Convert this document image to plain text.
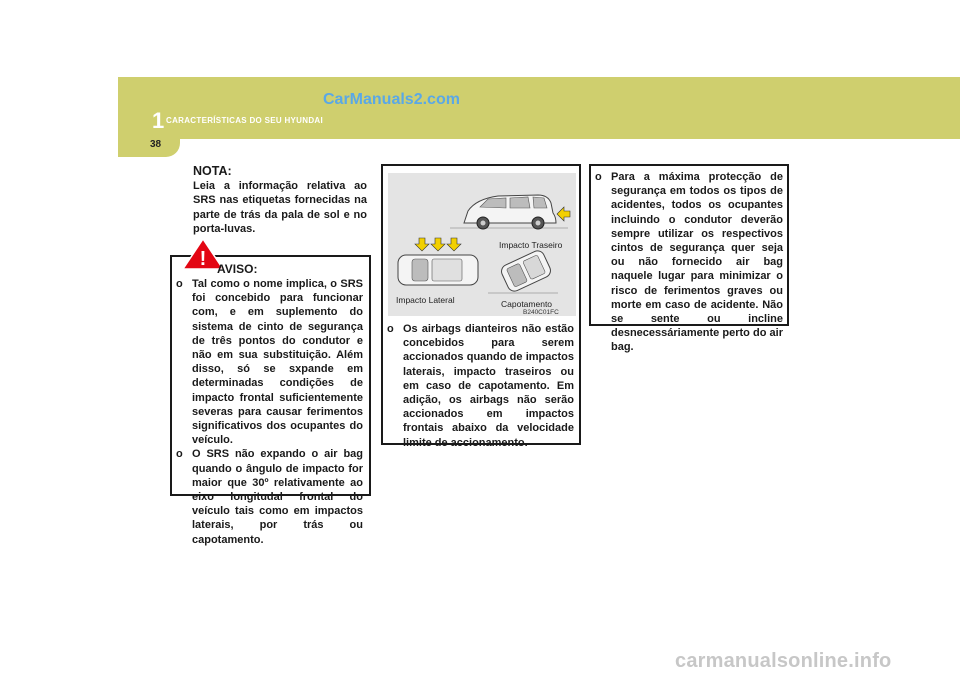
38
1 CARACTERÍSTICAS DO SEU HYUNDAI
CarManuals2.com
NOTA:
Leia a informação relativa ao SRS nas etiquetas fornecidas na parte de trás da pala de sol e no porta-luvas.
! AVISO:
o Tal como o nome implica, o SRS foi concebido para funcionar com, e em suplemento do sistema de cinto de segurança de três pontos do condutor e não em sua substituição. Além disso, só se sxpande em determinadas condições de impacto frontal suficientemente severas para causar ferimentos significativos dos ocupantes do veículo.
o O SRS não expando o air bag quando o ângulo de impacto for maior que 30º relativamente ao eixo longitudal frontal do veículo tais como em impactos laterais, por trás ou capotamento.
Impacto Traseiro
Impacto Lateral	Capotamento
B240C01FC
o Os airbags dianteiros não estão concebidos para serem accionados quando de impactos laterais, impacto traseiros ou em caso de capotamento. Em adição, os airbags não serão accionados em impactos frontais abaixo da velocidade limite de accionamento.
o Para a máxima protecção de segurança em todos os tipos de acidentes, todos os ocupantes incluindo o condutor deverão sempre utilizar os respectivos cintos de segurança quer seja ou não fornecido air bag naquele lugar para minimizar o risco de ferimentos graves ou morte em caso de acidente. Não se sente ou incline desnecessáriamente perto do air bag.
carmanualsonline.info
